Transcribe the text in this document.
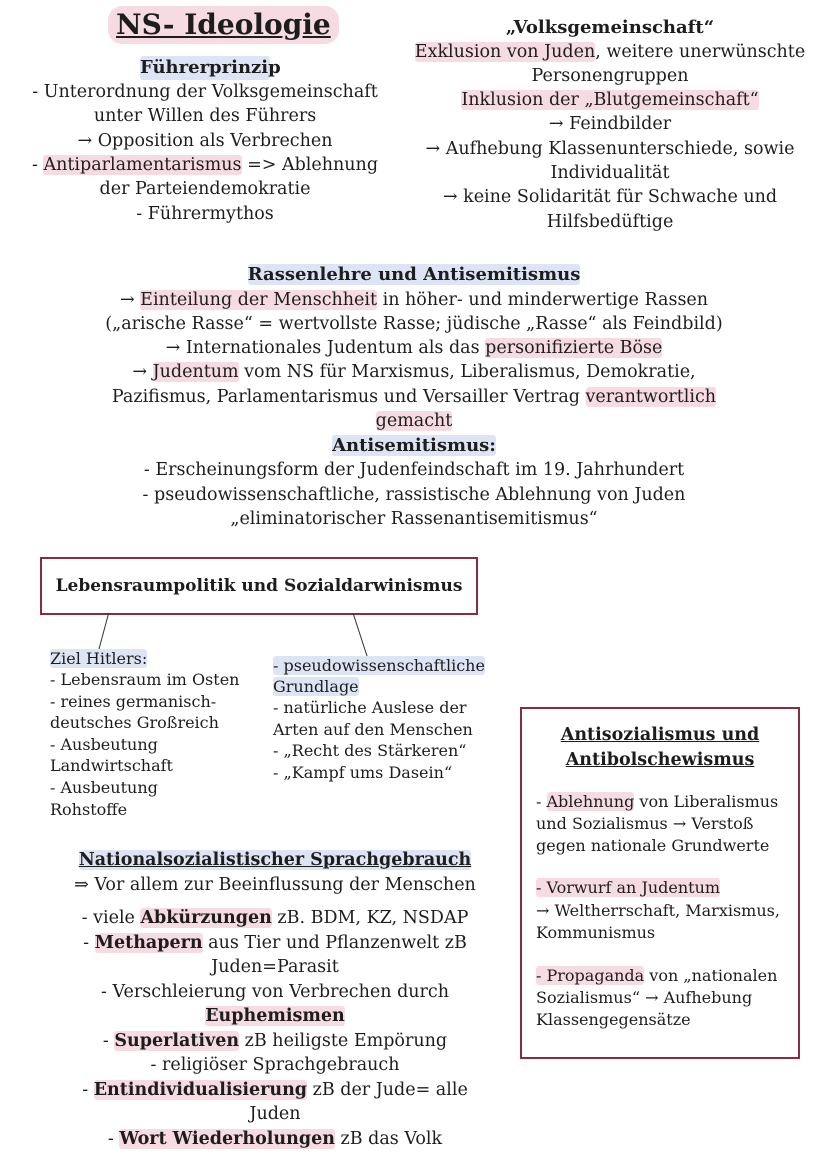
NS- Ideologie
Führerprinzip
- Unterordnung der Volksgemeinschaft
unter Willen des Führers
→ Opposition als Verbrechen
- Antiparlamentarismus => Ablehnung
der Parteiendemokratie
- Führermythos
„Volksgemeinschaft“
Exklusion von Juden, weitere unerwünschte
Personengruppen
Inklusion der „Blutgemeinschaft“
→ Feindbilder
→ Aufhebung Klassenunterschiede, sowie
Individualität
→ keine Solidarität für Schwache und
Hilfsbedüftige
Rassenlehre und Antisemitismus
→ Einteilung der Menschheit in höher- und minderwertige Rassen
(„arische Rasse“ = wertvollste Rasse; jüdische „Rasse“ als Feindbild)
→ Internationales Judentum als das personifizierte Böse
→ Judentum vom NS für Marxismus, Liberalismus, Demokratie,
Pazifismus, Parlamentarismus und Versailler Vertrag verantwortlich
gemacht
Antisemitismus:
- Erscheinungsform der Judenfeindschaft im 19. Jahrhundert
- pseudowissenschaftliche, rassistische Ablehnung von Juden
„eliminatorischer Rassenantisemitismus“
Lebensraumpolitik und Sozialdarwinismus
Ziel Hitlers:
- Lebensraum im Osten
- reines germanisch-
deutsches Großreich
- Ausbeutung
Landwirtschaft
- Ausbeutung
Rohstoffe
- pseudowissenschaftliche
Grundlage
- natürliche Auslese der
Arten auf den Menschen
- „Recht des Stärkeren“
- „Kampf ums Dasein“
Antisozialismus und
Antibolschewismus
- Ablehnung von Liberalismus
und Sozialismus → Verstoß
gegen nationale Grundwerte
- Vorwurf an Judentum
→ Weltherrschaft, Marxismus,
Kommunismus
- Propaganda von „nationalen
Sozialismus“ → Aufhebung
Klassengegensätze
Nationalsozialistischer Sprachgebrauch
⇒ Vor allem zur Beeinflussung der Menschen
- viele Abkürzungen zB. BDM, KZ, NSDAP
- Methapern aus Tier und Pflanzenwelt zB
Juden=Parasit
- Verschleierung von Verbrechen durch
Euphemismen
- Superlativen zB heiligste Empörung
- religiöser Sprachgebrauch
- Entindividualisierung zB der Jude= alle
Juden
- Wort Wiederholungen zB das Volk
